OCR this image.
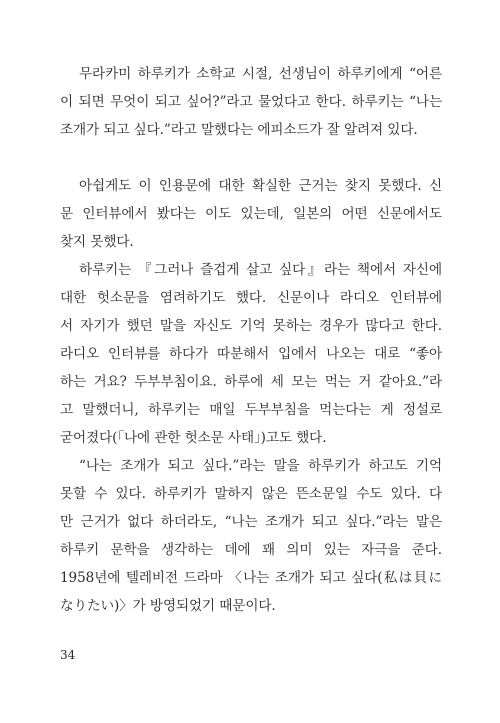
무라카미 하루키가 소학교 시절, 선생님이 하루키에게 “어른
이 되면 무엇이 되고 싶어?”라고 물었다고 한다. 하루키는 “나는
조개가 되고 싶다.”라고 말했다는 에피소드가 잘 알려져 있다.
아쉽게도 이 인용문에 대한 확실한 근거는 찾지 못했다. 신
문 인터뷰에서 봤다는 이도 있는데, 일본의 어떤 신문에서도
찾지 못했다.
하루키는 『그러나 즐겁게 살고 싶다』라는 책에서 자신에
대한 헛소문을 염려하기도 했다. 신문이나 라디오 인터뷰에
서 자기가 했던 말을 자신도 기억 못하는 경우가 많다고 한다.
라디오 인터뷰를 하다가 따분해서 입에서 나오는 대로 “좋아
하는 거요? 두부부침이요. 하루에 세 모는 먹는 거 같아요.”라
고 말했더니, 하루키는 매일 두부부침을 먹는다는 게 정설로
굳어졌다(「나에 관한 헛소문 사태」)고도 했다.
“나는 조개가 되고 싶다.”라는 말을 하루키가 하고도 기억
못할 수 있다. 하루키가 말하지 않은 뜬소문일 수도 있다. 다
만 근거가 없다 하더라도, “나는 조개가 되고 싶다.”라는 말은
하루키 문학을 생각하는 데에 꽤 의미 있는 자극을 준다.
1958년에 텔레비전 드라마 〈나는 조개가 되고 싶다(私は貝に
なりたい)〉가 방영되었기 때문이다.
34
